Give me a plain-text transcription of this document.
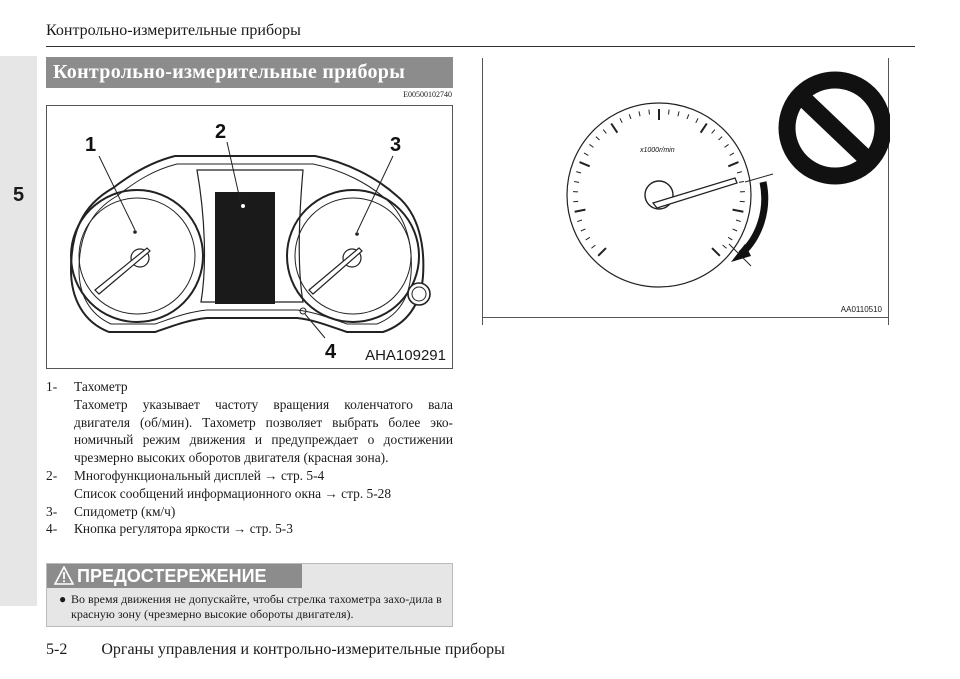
5
Контрольно-измерительные приборы
Контрольно-измерительные приборы
E00500102740
1
2
3
4 AHA109291
x1000r/min
AA0110510
1-	Тахометр
Тахометр указывает частоту вращения коленчатого вала двигателя (об/мин). Тахометр позволяет выбрать более эко-номичный режим движения и предупреждает о достижении чрезмерно высоких оборотов двигателя (красная зона).
2-	Многофункциональный дисплей → стр. 5-4
Список сообщений информационного окна → стр. 5-28
3-	Спидометр (км/ч)
4-	Кнопка регулятора яркости → стр. 5-3
ПРЕДОСТЕРЕЖЕНИЕ
● Во время движения не допускайте, чтобы стрелка тахометра захо-дила в красную зону (чрезмерно высокие обороты двигателя).
5-2 Органы управления и контрольно-измерительные приборы
